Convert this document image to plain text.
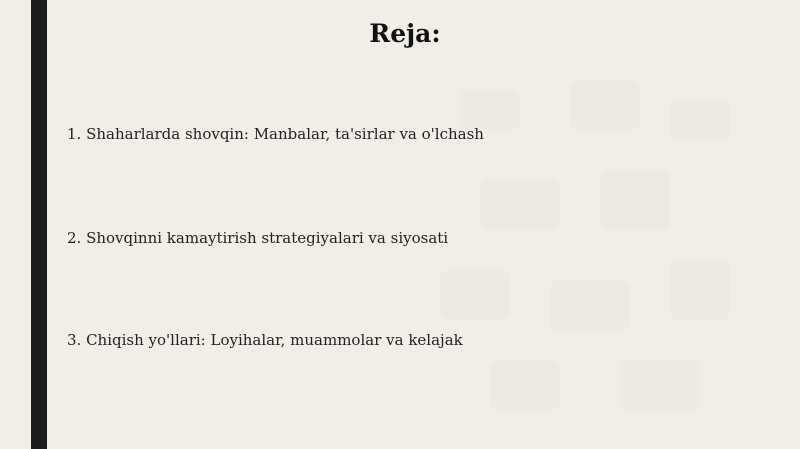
Reja:

1. Shaharlarda shovqin: Manbalar, ta'sirlar va o'lchash

2. Shovqinni kamaytirish strategiyalari va siyosati

3. Chiqish yo'llari: Loyihalar, muammolar va kelajak
